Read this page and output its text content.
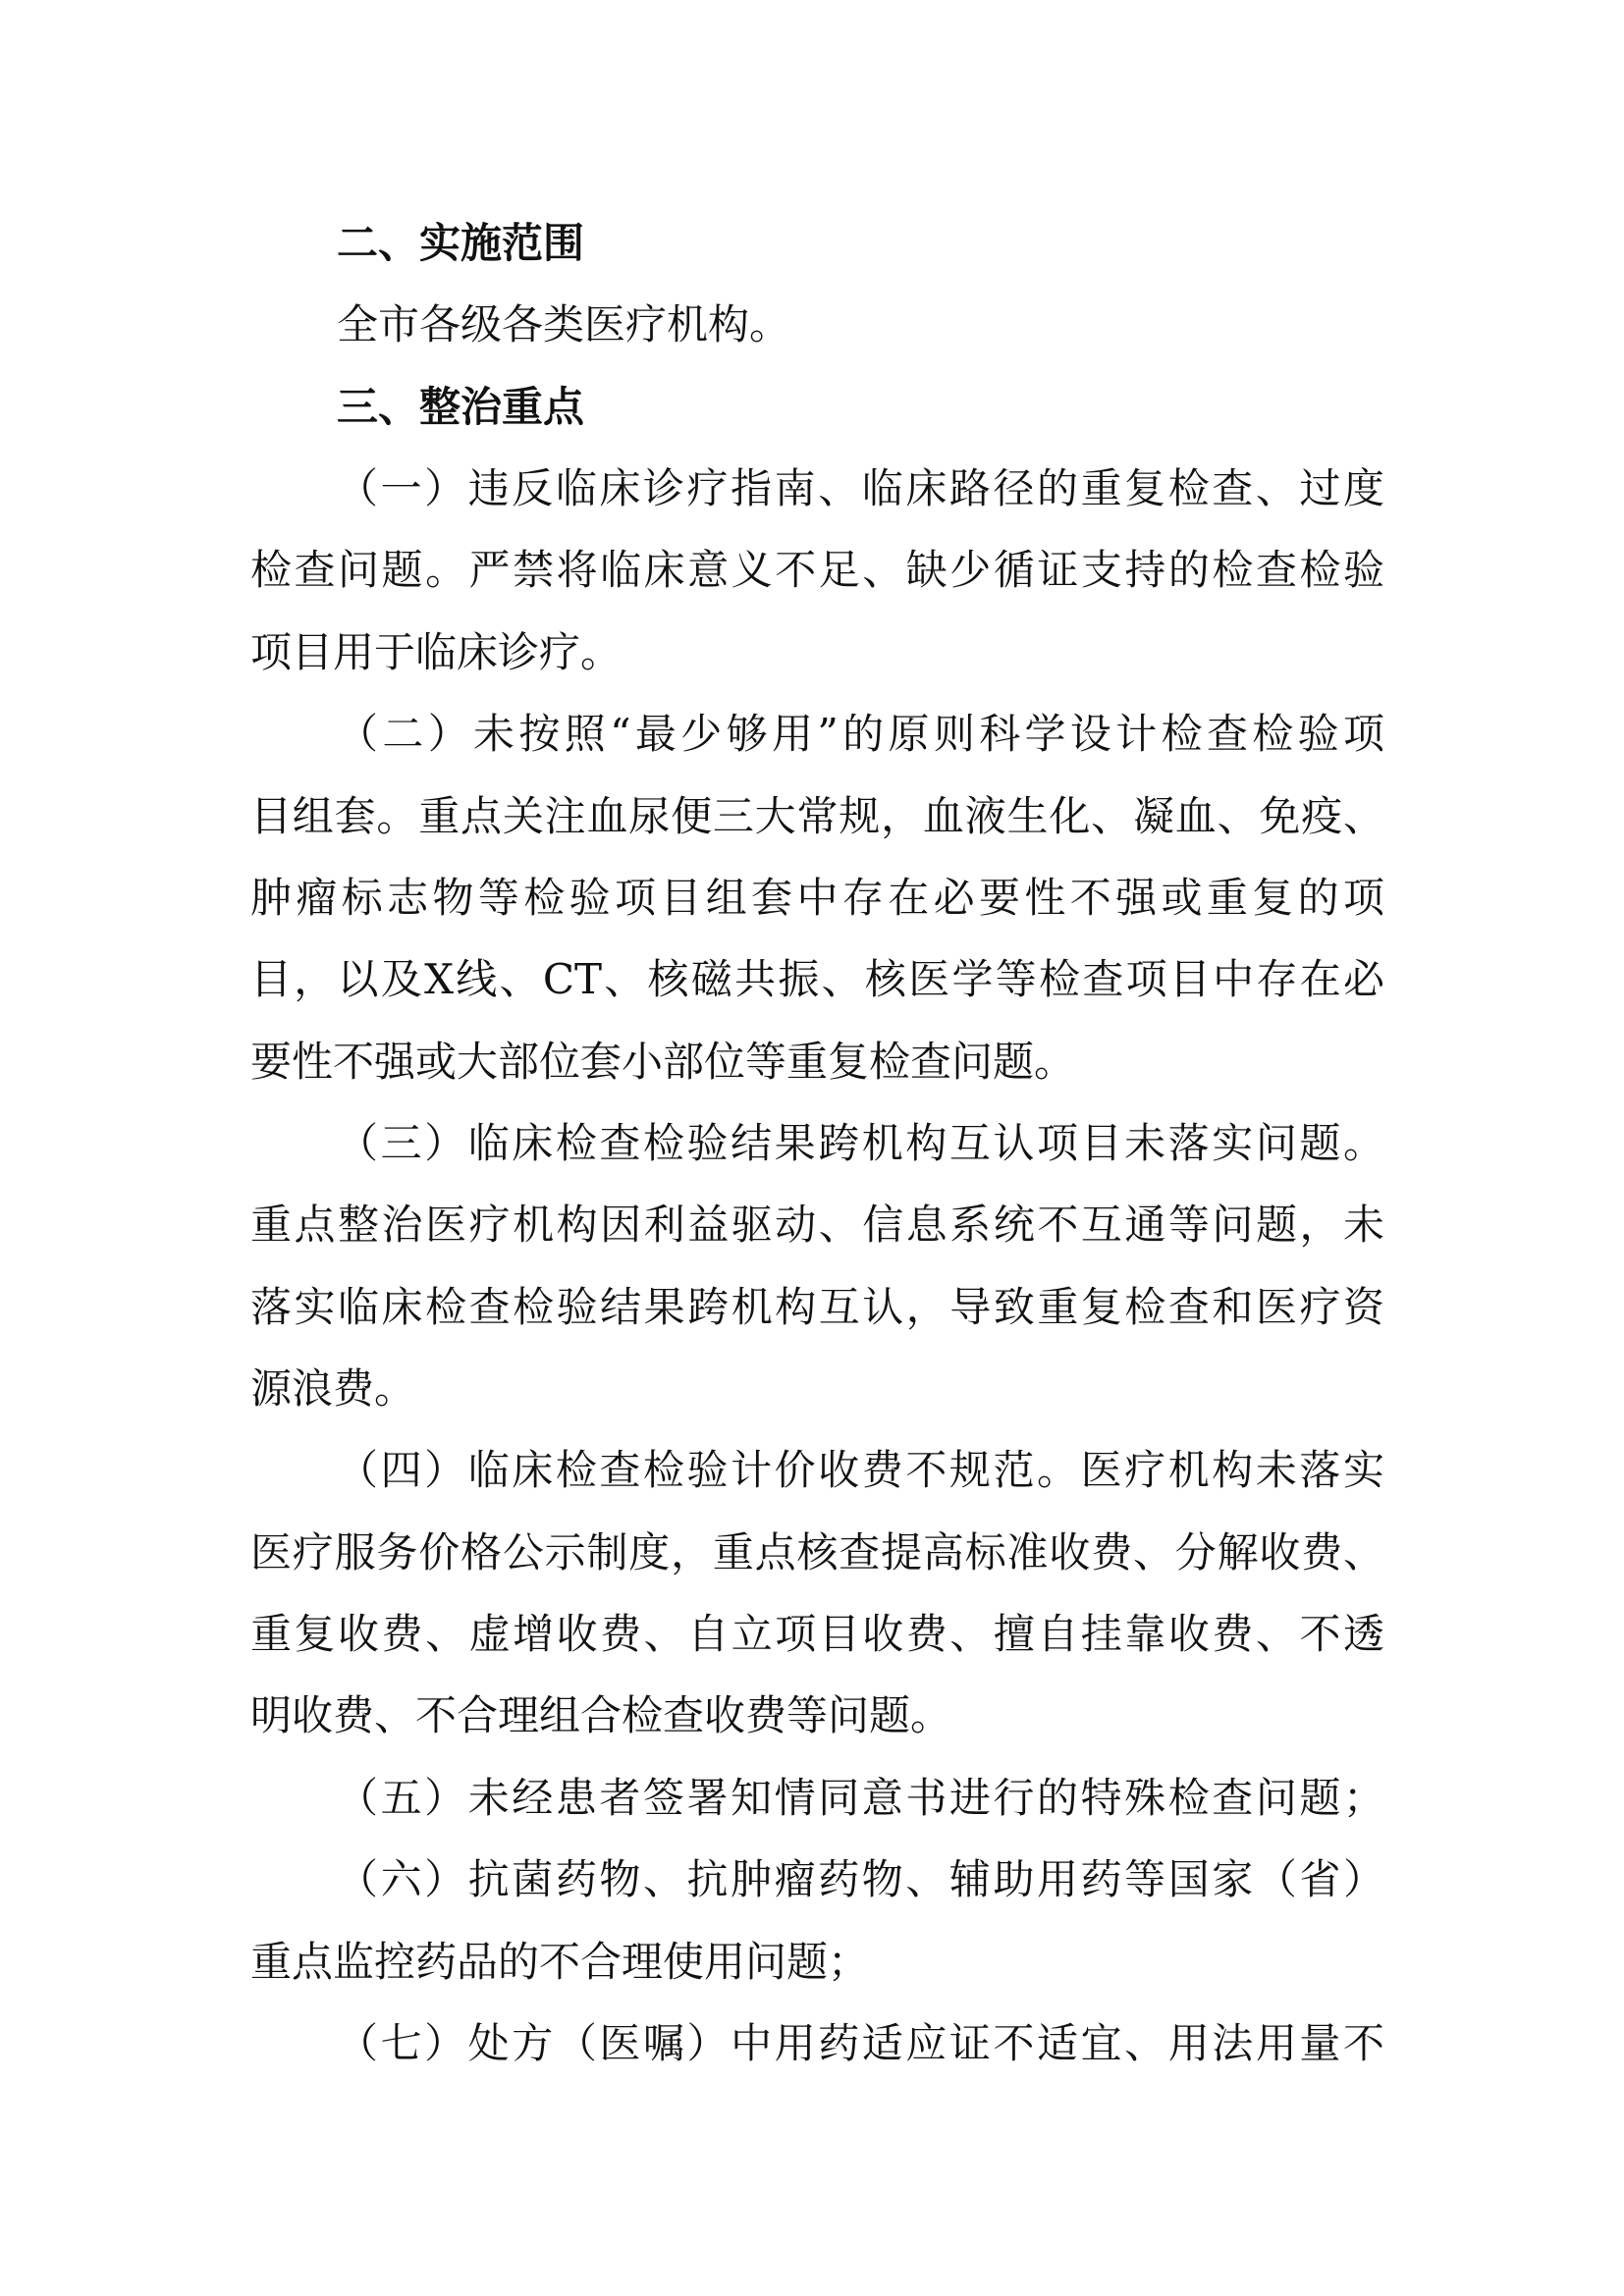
二、实施范围
全市各级各类医疗机构。
三、整治重点
（一）违反临床诊疗指南、临床路径的重复检查、过度
检查问题。严禁将临床意义不足、缺少循证支持的检查检验
项目用于临床诊疗。
（二）未按照“最少够用”的原则科学设计检查检验项
目组套。重点关注血尿便三大常规，血液生化、凝血、免疫、
肿瘤标志物等检验项目组套中存在必要性不强或重复的项
目，以及X线、CT、核磁共振、核医学等检查项目中存在必
要性不强或大部位套小部位等重复检查问题。
（三）临床检查检验结果跨机构互认项目未落实问题。
重点整治医疗机构因利益驱动、信息系统不互通等问题，未
落实临床检查检验结果跨机构互认，导致重复检查和医疗资
源浪费。
（四）临床检查检验计价收费不规范。医疗机构未落实
医疗服务价格公示制度，重点核查提高标准收费、分解收费、
重复收费、虚增收费、自立项目收费、擅自挂靠收费、不透
明收费、不合理组合检查收费等问题。
（五）未经患者签署知情同意书进行的特殊检查问题；
（六）抗菌药物、抗肿瘤药物、辅助用药等国家（省）
重点监控药品的不合理使用问题；
（七）处方（医嘱）中用药适应证不适宜、用法用量不
